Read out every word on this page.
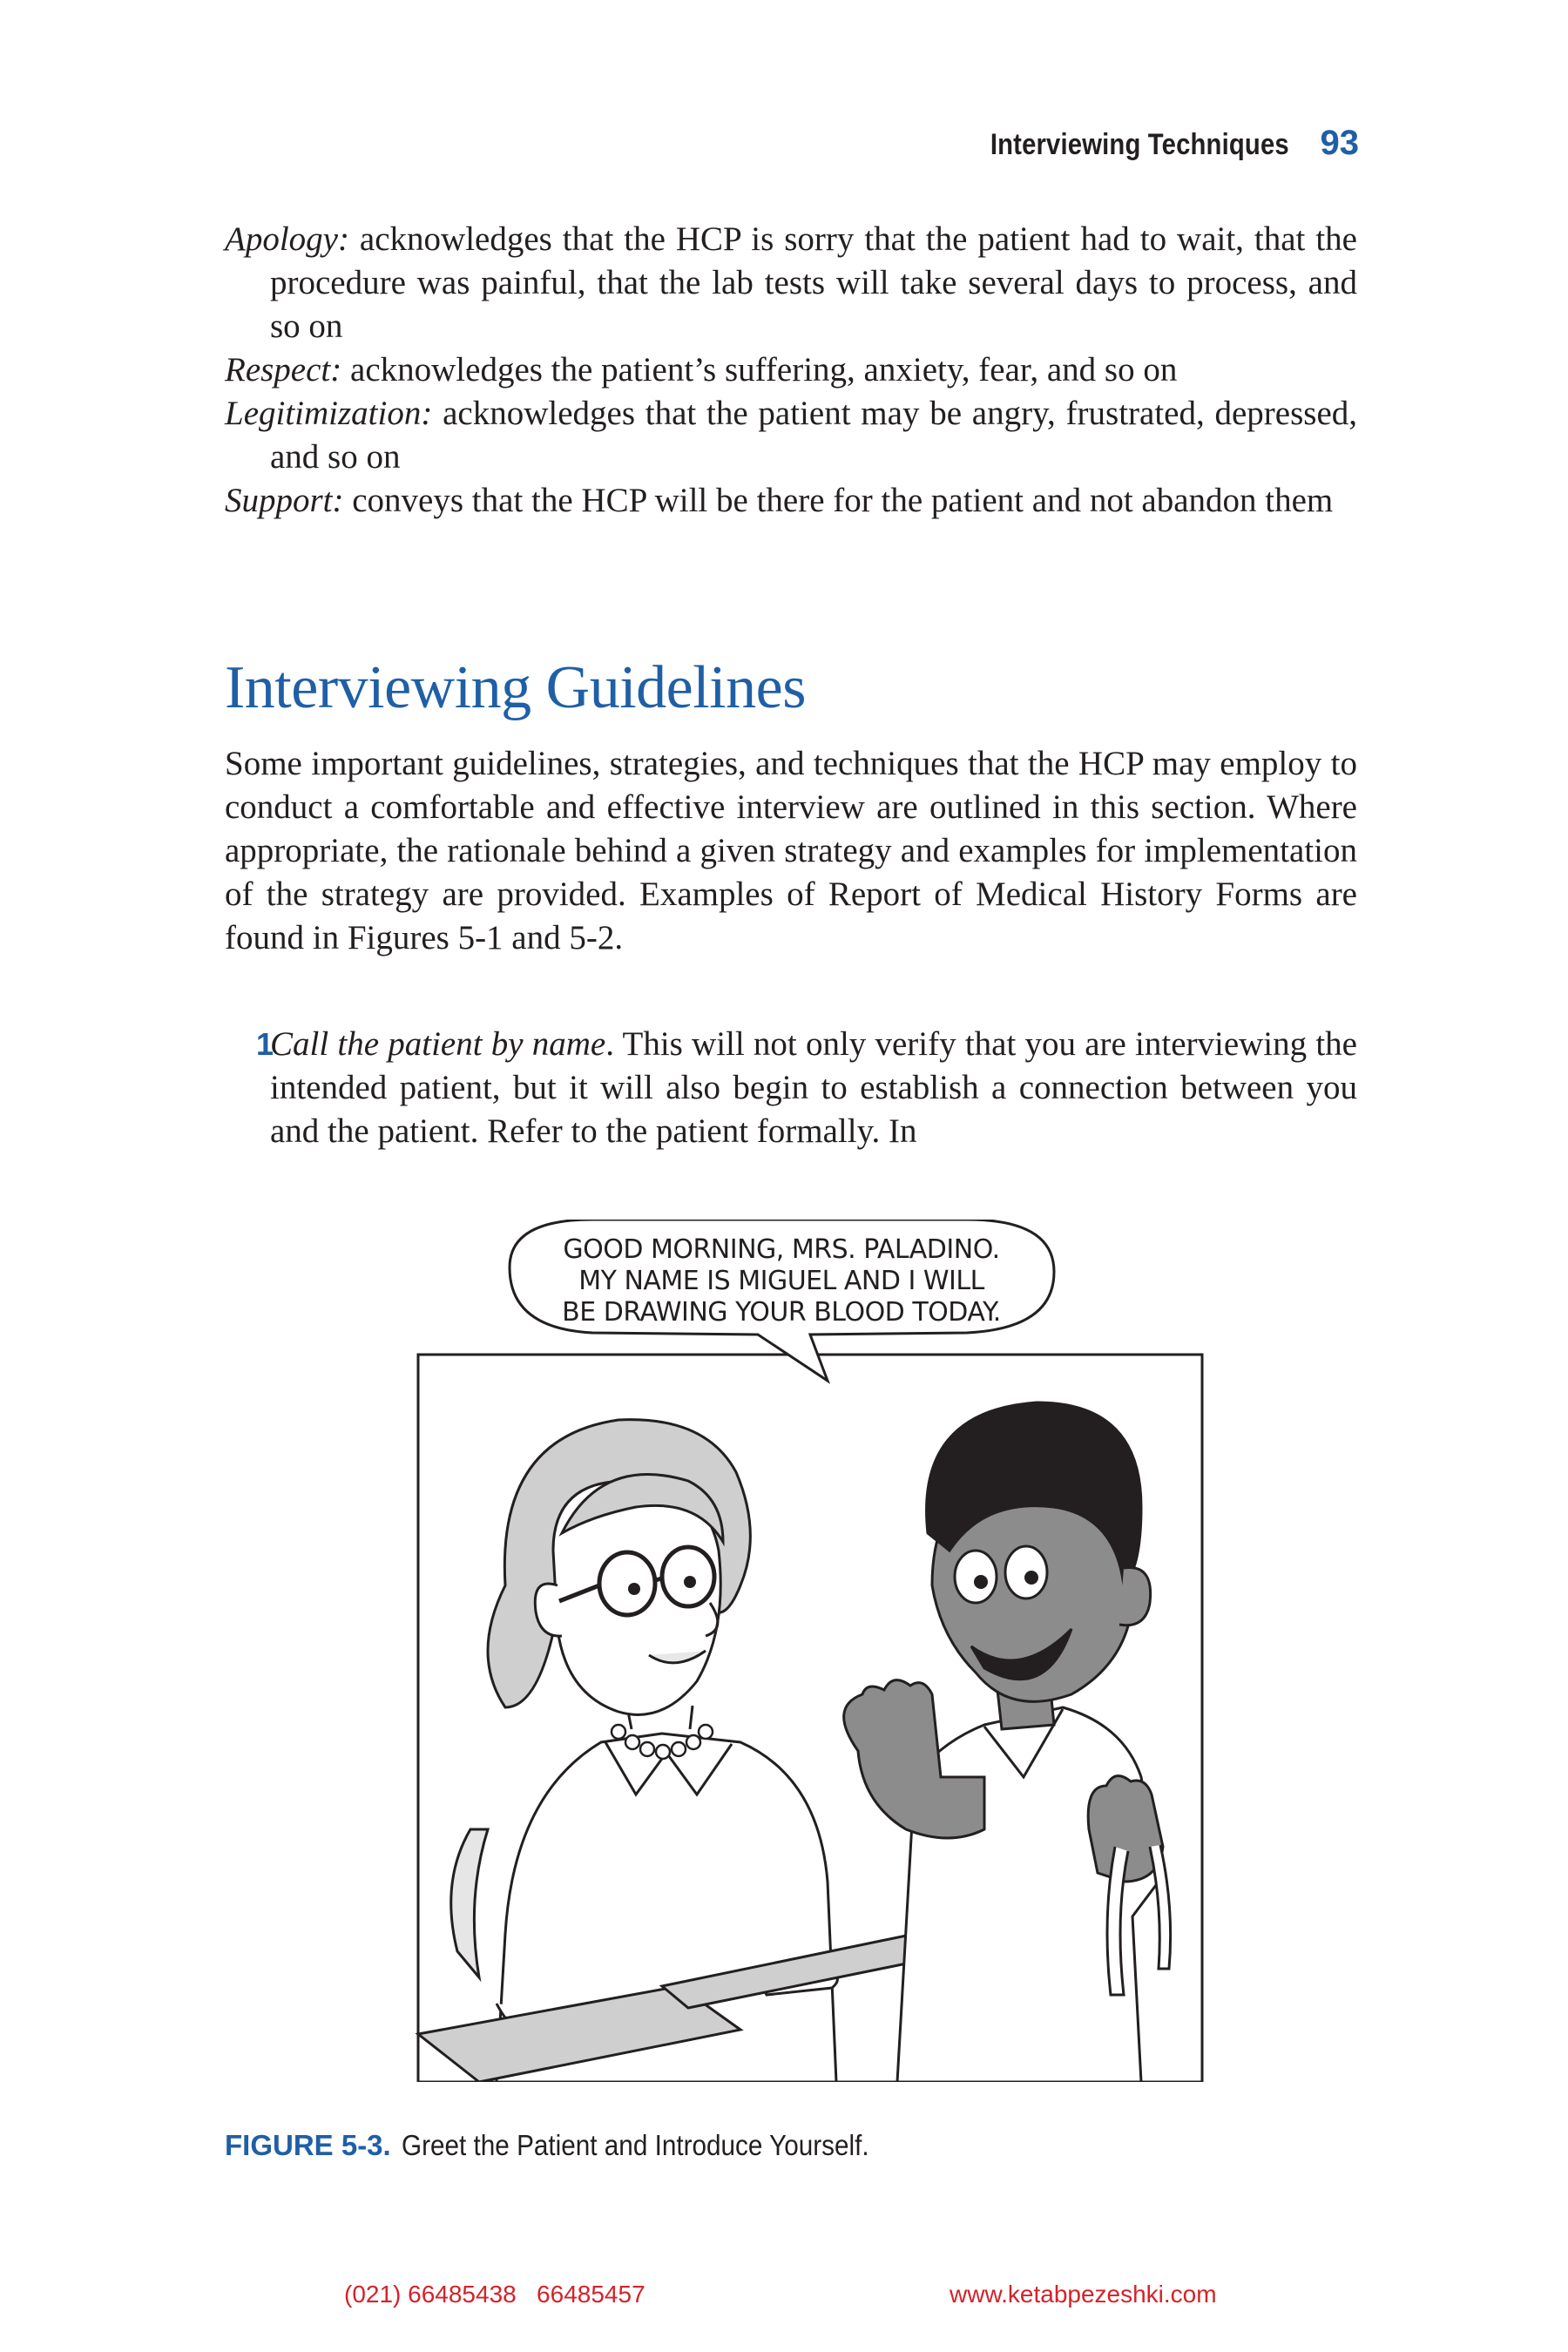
Interviewing Techniques 93
Apology: acknowledges that the HCP is sorry that the patient had to wait, that the procedure was painful, that the lab tests will take several days to process, and so on
Respect: acknowledges the patient’s suffering, anxiety, fear, and so on
Legitimization: acknowledges that the patient may be angry, frustrated, depressed, and so on
Support: conveys that the HCP will be there for the patient and not abandon them
Interviewing Guidelines

Some important guidelines, strategies, and techniques that the HCP may employ to conduct a comfortable and effective interview are outlined in this section. Where appropriate, the rationale behind a given strategy and examples for implementation of the strategy are provided. Examples of Report of Medical History Forms are found in Figures 5-1 and 5-2.

1
Call the patient by name. This will not only verify that you are interviewing the intended patient, but it will also begin to establish a connection between you and the patient. Refer to the patient formally. In
GOOD MORNING, MRS. PALADINO.
MY NAME IS MIGUEL AND I WILL
BE DRAWING YOUR BLOOD TODAY.
FIGURE 5-3. Greet the Patient and Introduce Yourself.
(021) 66485438   66485457	www.ketabpezeshki.com
